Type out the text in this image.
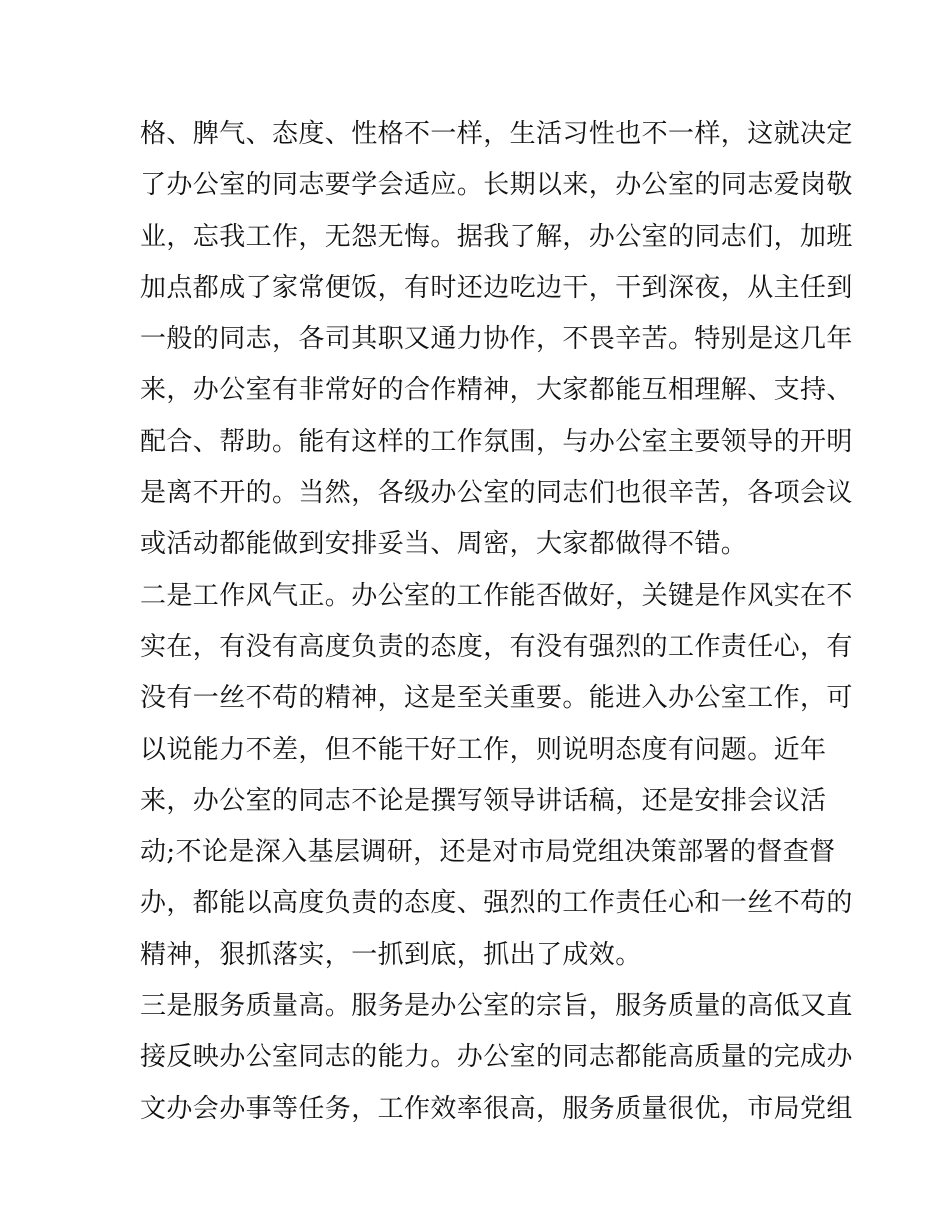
格、脾气、态度、性格不一样，生活习性也不一样，这就决定
了办公室的同志要学会适应。长期以来，办公室的同志爱岗敬
业，忘我工作，无怨无悔。据我了解，办公室的同志们，加班
加点都成了家常便饭，有时还边吃边干，干到深夜，从主任到
一般的同志，各司其职又通力协作，不畏辛苦。特别是这几年
来，办公室有非常好的合作精神，大家都能互相理解、支持、
配合、帮助。能有这样的工作氛围，与办公室主要领导的开明
是离不开的。当然，各级办公室的同志们也很辛苦，各项会议
或活动都能做到安排妥当、周密，大家都做得不错。
二是工作风气正。办公室的工作能否做好，关键是作风实在不
实在，有没有高度负责的态度，有没有强烈的工作责任心，有
没有一丝不苟的精神，这是至关重要。能进入办公室工作，可
以说能力不差，但不能干好工作，则说明态度有问题。近年
来，办公室的同志不论是撰写领导讲话稿，还是安排会议活
动;不论是深入基层调研，还是对市局党组决策部署的督查督
办，都能以高度负责的态度、强烈的工作责任心和一丝不苟的
精神，狠抓落实，一抓到底，抓出了成效。
三是服务质量高。服务是办公室的宗旨，服务质量的高低又直
接反映办公室同志的能力。办公室的同志都能高质量的完成办
文办会办事等任务，工作效率很高，服务质量很优，市局党组
